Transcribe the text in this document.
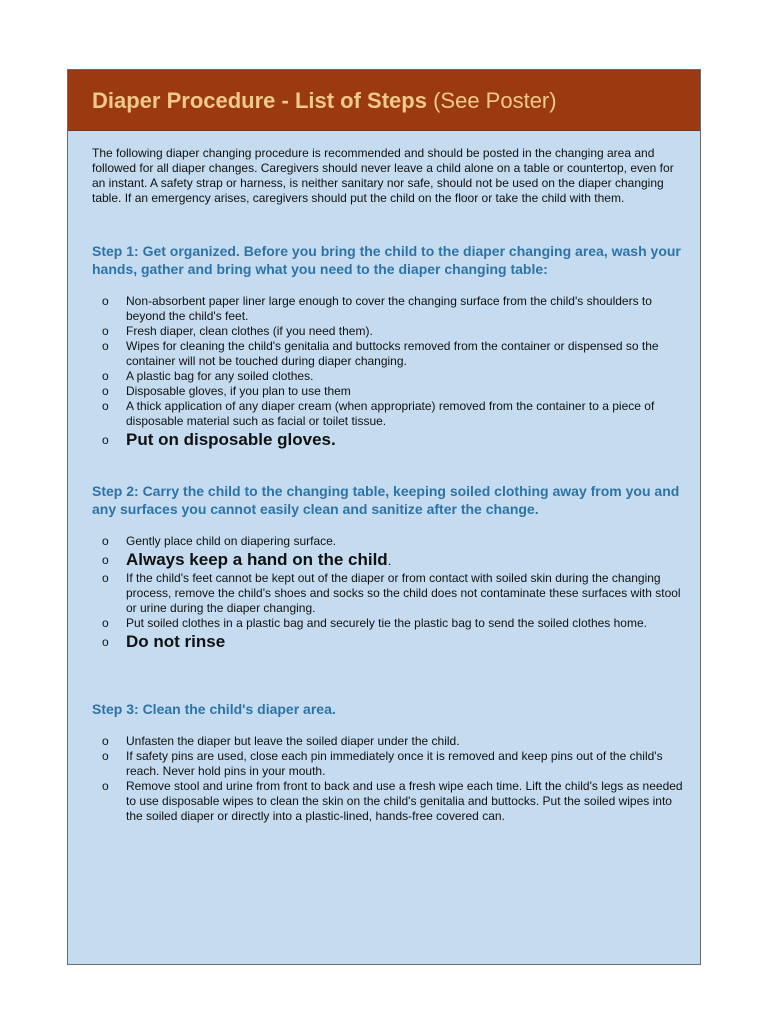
Diaper Procedure - List of Steps (See Poster)

The following diaper changing procedure is recommended and should be posted in the changing area and followed for all diaper changes. Caregivers should never leave a child alone on a table or countertop, even for an instant. A safety strap or harness, is neither sanitary nor safe, should not be used on the diaper changing table. If an emergency arises, caregivers should put the child on the floor or take the child with them.

Step 1: Get organized. Before you bring the child to the diaper changing area, wash your hands, gather and bring what you need to the diaper changing table:

o Non-absorbent paper liner large enough to cover the changing surface from the child's shoulders to beyond the child's feet.
o Fresh diaper, clean clothes (if you need them).
o Wipes for cleaning the child's genitalia and buttocks removed from the container or dispensed so the container will not be touched during diaper changing.
o A plastic bag for any soiled clothes.
o Disposable gloves, if you plan to use them
o A thick application of any diaper cream (when appropriate) removed from the container to a piece of disposable material such as facial or toilet tissue.
o Put on disposable gloves.

Step 2: Carry the child to the changing table, keeping soiled clothing away from you and any surfaces you cannot easily clean and sanitize after the change.

o Gently place child on diapering surface.
o Always keep a hand on the child.
o If the child's feet cannot be kept out of the diaper or from contact with soiled skin during the changing process, remove the child's shoes and socks so the child does not contaminate these surfaces with stool or urine during the diaper changing.
o Put soiled clothes in a plastic bag and securely tie the plastic bag to send the soiled clothes home.
o Do not rinse

Step 3: Clean the child's diaper area.

o Unfasten the diaper but leave the soiled diaper under the child.
o If safety pins are used, close each pin immediately once it is removed and keep pins out of the child's reach. Never hold pins in your mouth.
o Remove stool and urine from front to back and use a fresh wipe each time. Lift the child's legs as needed to use disposable wipes to clean the skin on the child's genitalia and buttocks. Put the soiled wipes into the soiled diaper or directly into a plastic-lined, hands-free covered can.
